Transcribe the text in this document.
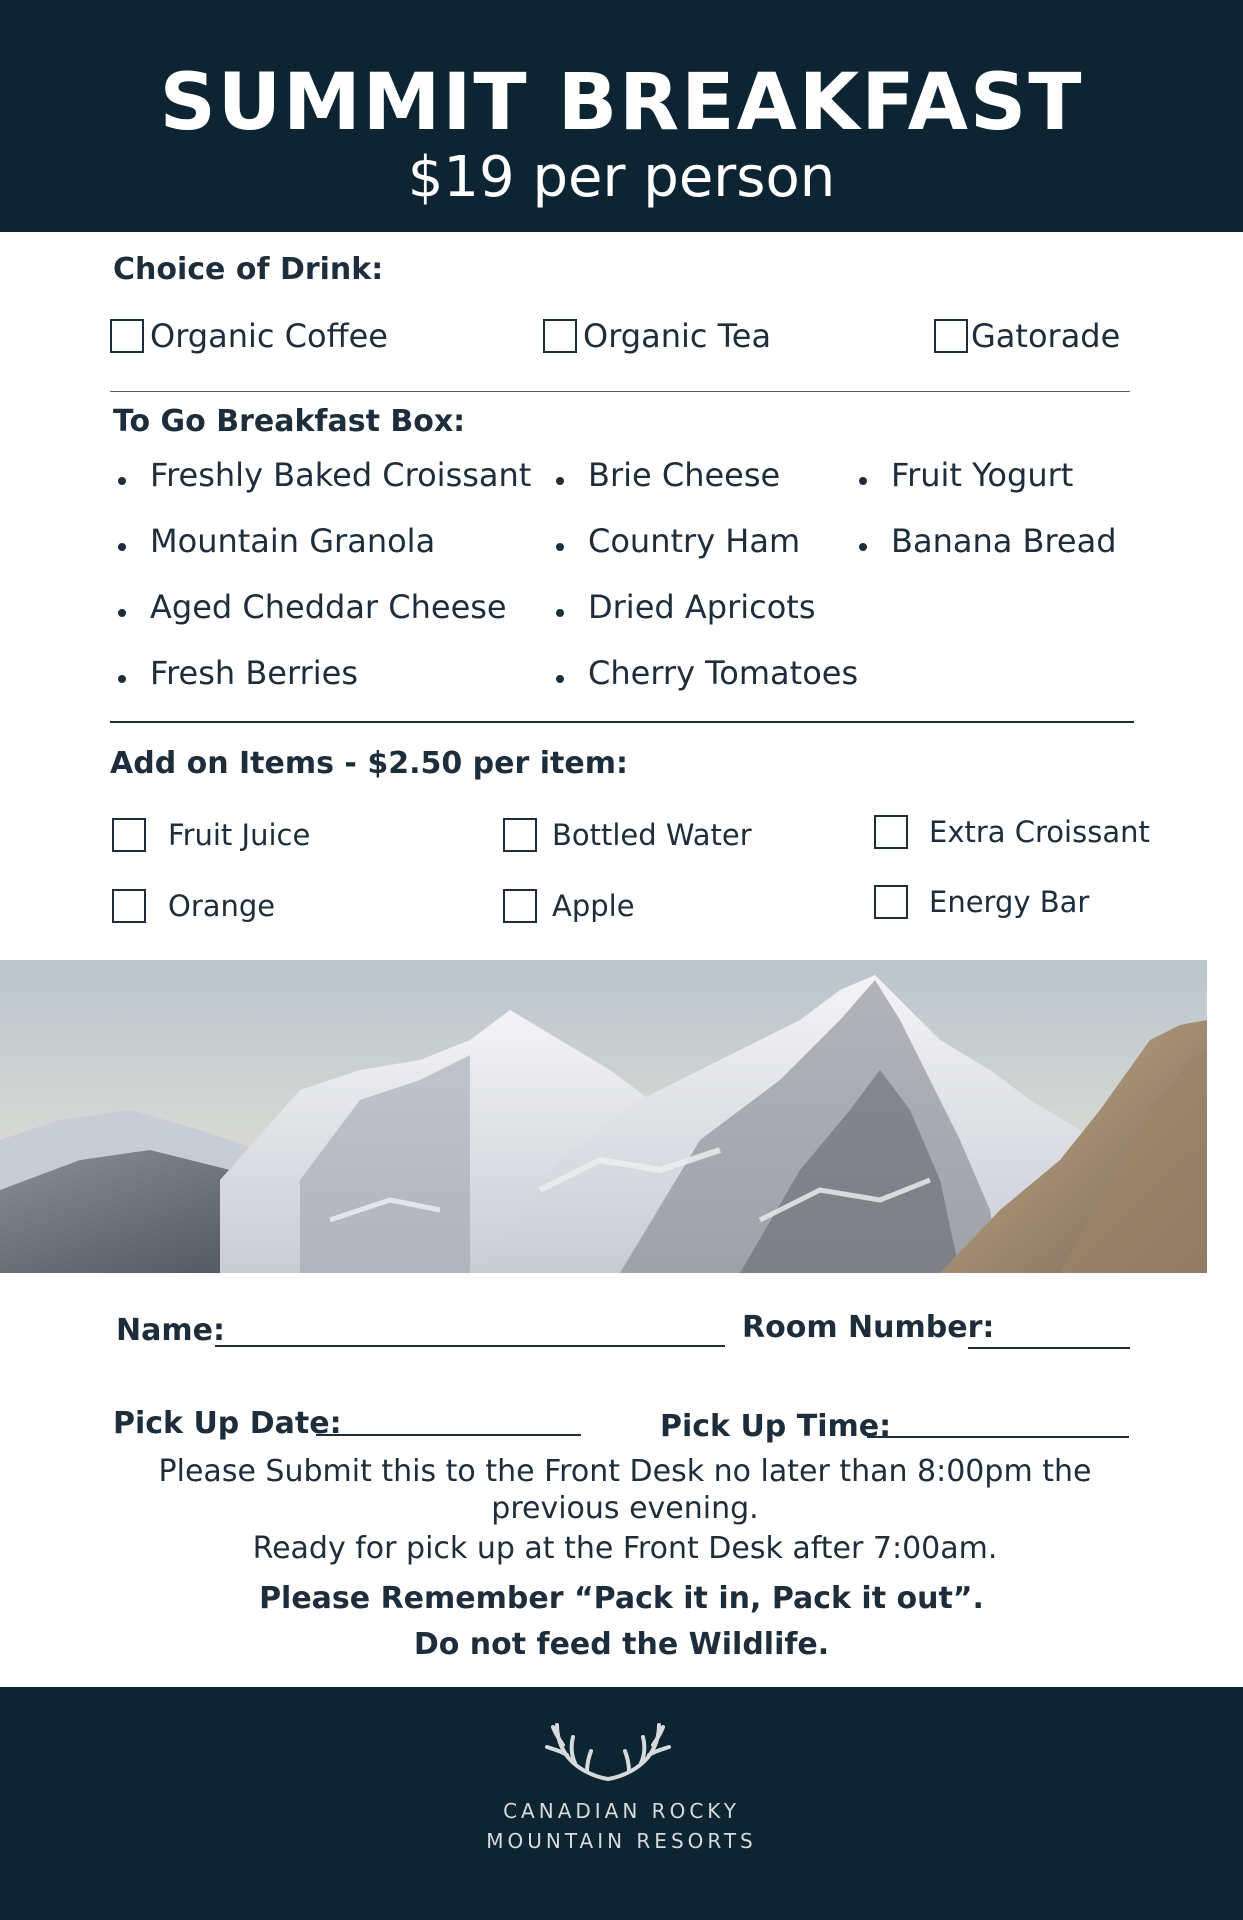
SUMMIT BREAKFAST
$19 per person
Choice of Drink:
Organic Coffee	Organic Tea	Gatorade
To Go Breakfast Box:
Freshly Baked Croissant
Mountain Granola
Aged Cheddar Cheese
Fresh Berries
Brie Cheese
Country Ham
Dried Apricots
Cherry Tomatoes
Fruit Yogurt
Banana Bread
Add on Items - $2.50 per item:
Fruit Juice	Bottled Water	Extra Croissant
Orange	Apple	Energy Bar
Name:	Room Number:
Pick Up Date:	Pick Up Time:
Please Submit this to the Front Desk no later than 8:00pm the previous evening.
Ready for pick up at the Front Desk after 7:00am.
Please Remember “Pack it in, Pack it out”.
Do not feed the Wildlife.
CANADIAN ROCKY
MOUNTAIN RESORTS
